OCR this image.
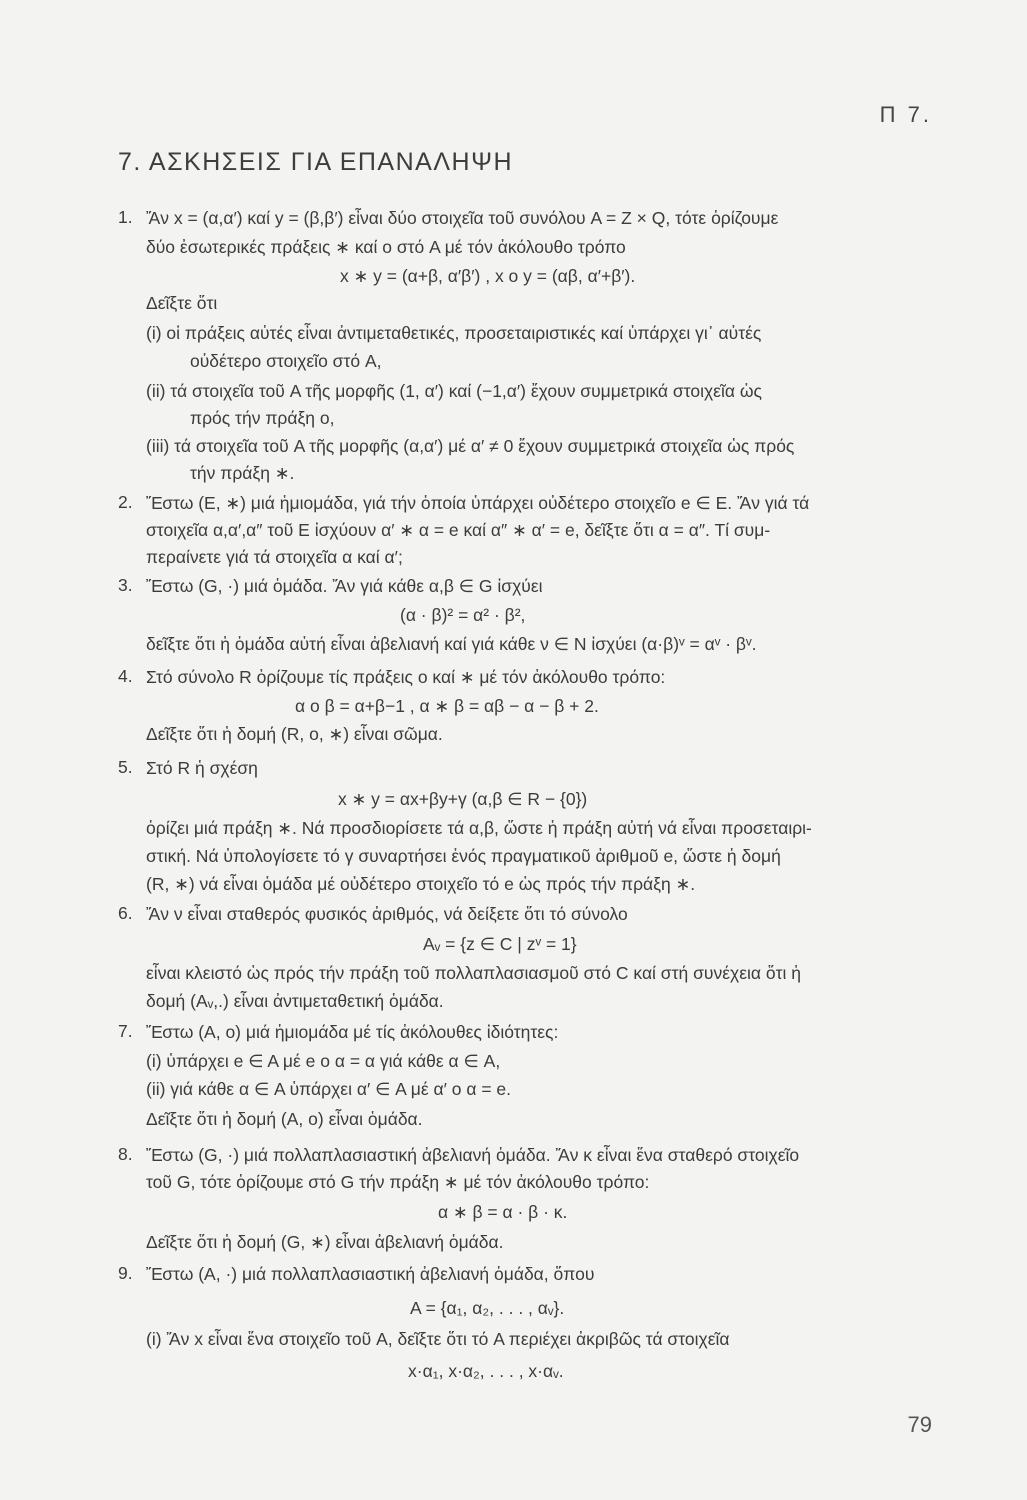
Π 7.
7. ΑΣΚΗΣΕΙΣ ΓΙΑ ΕΠΑΝΑΛΗΨΗ
1. Ἄν x = (α,α′) καί y = (β,β′) εἶναι δύο στοιχεῖα τοῦ συνόλου A = Z × Q, τότε ὁρίζουμε
δύο ἐσωτερικές πράξεις ∗ καί ο στό A μέ τόν ἀκόλουθο τρόπο
x ∗ y = (α+β, α′β′) , x ο y = (αβ, α′+β′).
Δεῖξτε ὅτι
(i) οἱ πράξεις αὐτές εἶναι ἀντιμεταθετικές, προσεταιριστικές καί ὑπάρχει γι᾽ αὐτές
οὐδέτερο στοιχεῖο στό A,
(ii) τά στοιχεῖα τοῦ A τῆς μορφῆς (1, α′) καί (−1,α′) ἔχουν συμμετρικά στοιχεῖα ὡς
πρός τήν πράξη ο,
(iii) τά στοιχεῖα τοῦ A τῆς μορφῆς (α,α′) μέ α′ ≠ 0 ἔχουν συμμετρικά στοιχεῖα ὡς πρός
τήν πράξη ∗.
2. Ἔστω (E, ∗) μιά ἡμιομάδα, γιά τήν ὁποία ὑπάρχει οὐδέτερο στοιχεῖο e ∈ E. Ἄν γιά τά
στοιχεῖα α,α′,α″ τοῦ E ἰσχύουν α′ ∗ α = e καί α″ ∗ α′ = e, δεῖξτε ὅτι α = α″. Τί συμ-
περαίνετε γιά τά στοιχεῖα α καί α′;
3. Ἔστω (G, ·) μιά ὁμάδα. Ἄν γιά κάθε α,β ∈ G ἰσχύει
(α · β)² = α² · β²,
δεῖξτε ὅτι ἡ ὁμάδα αὐτή εἶναι ἀβελιανή καί γιά κάθε ν ∈ N ἰσχύει (α·β)ᵛ = αᵛ · βᵛ.
4. Στό σύνολο R ὁρίζουμε τίς πράξεις ο καί ∗ μέ τόν ἀκόλουθο τρόπο:
α ο β = α+β−1 , α ∗ β = αβ − α − β + 2.
Δεῖξτε ὅτι ἡ δομή (R, ο, ∗) εἶναι σῶμα.
5. Στό R ἡ σχέση
x ∗ y = αx+βy+γ (α,β ∈ R − {0})
ὁρίζει μιά πράξη ∗. Νά προσδιορίσετε τά α,β, ὥστε ἡ πράξη αὐτή νά εἶναι προσεταιρι-
στική. Νά ὑπολογίσετε τό γ συναρτήσει ἑνός πραγματικοῦ ἀριθμοῦ e, ὥστε ἡ δομή
(R, ∗) νά εἶναι ὁμάδα μέ οὐδέτερο στοιχεῖο τό e ὡς πρός τήν πράξη ∗.
6. Ἄν ν εἶναι σταθερός φυσικός ἀριθμός, νά δείξετε ὅτι τό σύνολο
Aᵥ = {z ∈ C | zᵛ = 1}
εἶναι κλειστό ὡς πρός τήν πράξη τοῦ πολλαπλασιασμοῦ στό C καί στή συνέχεια ὅτι ἡ
δομή (Aᵥ,.) εἶναι ἀντιμεταθετική ὁμάδα.
7. Ἔστω (A, ο) μιά ἡμιομάδα μέ τίς ἀκόλουθες ἰδιότητες:
(i) ὑπάρχει e ∈ A μέ e ο α = α γιά κάθε α ∈ A,
(ii) γιά κάθε α ∈ A ὑπάρχει α′ ∈ A μέ α′ ο α = e.
Δεῖξτε ὅτι ἡ δομή (A, ο) εἶναι ὁμάδα.
8. Ἔστω (G, ·) μιά πολλαπλασιαστική ἀβελιανή ὁμάδα. Ἄν κ εἶναι ἕνα σταθερό στοιχεῖο
τοῦ G, τότε ὁρίζουμε στό G τήν πράξη ∗ μέ τόν ἀκόλουθο τρόπο:
α ∗ β = α · β · κ.
Δεῖξτε ὅτι ἡ δομή (G, ∗) εἶναι ἀβελιανή ὁμάδα.
9. Ἔστω (A, ·) μιά πολλαπλασιαστική ἀβελιανή ὁμάδα, ὅπου
A = {α₁, α₂, . . . , αᵥ}.
(i) Ἄν x εἶναι ἕνα στοιχεῖο τοῦ A, δεῖξτε ὅτι τό A περιέχει ἀκριβῶς τά στοιχεῖα
x·α₁, x·α₂, . . . , x·αᵥ.
79
